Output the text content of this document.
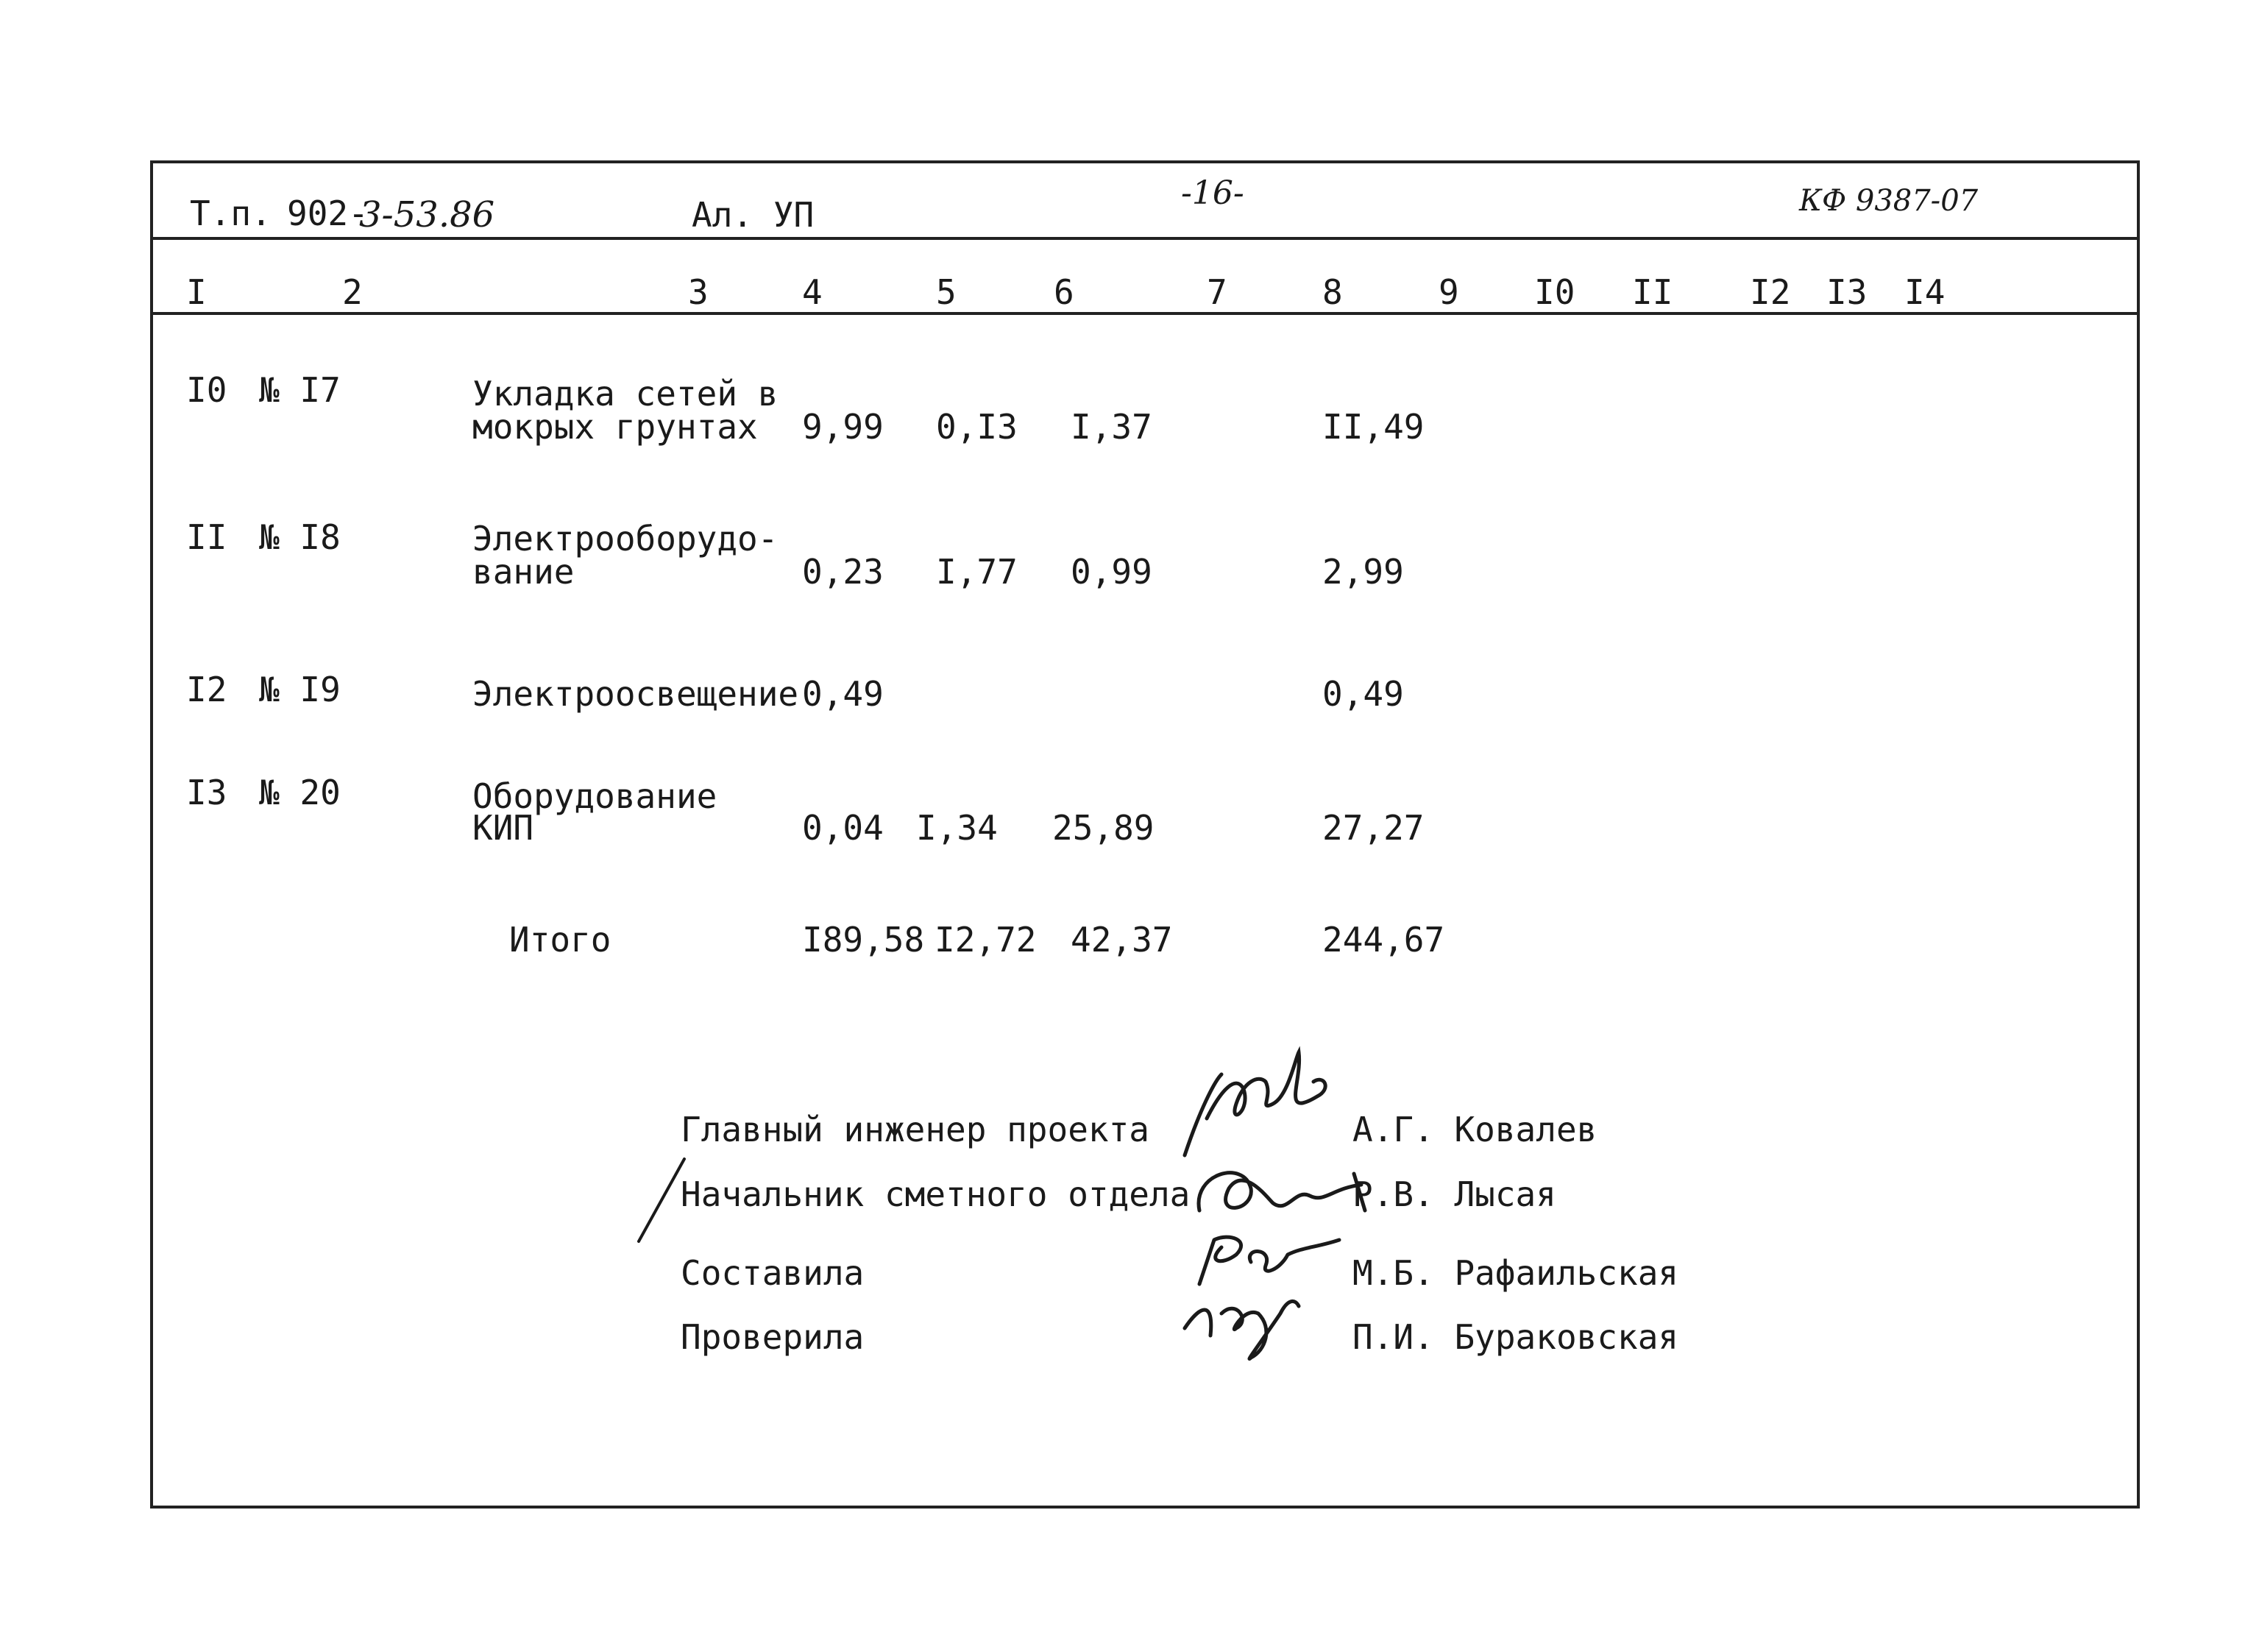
Т.п. 902-
3-53.86	Ал. УП
-16-	КФ 9387-07
I	2	3	4	5	6	7	8	9 I0 II I2 I3 I4
I0 № I7	Укладка сетей в
мокрых грунтах 9,99 0,I3 I,37	II,49
II № I8	Электрооборудо-
вание	0,23 I,77 0,99	2,99
I2 № I9	Электроосвещение 0,49	0,49
I3 № 20	Оборудование
КИП	0,04 I,34 25,89	27,27
Итого	I89,58 I2,72 42,37	244,67
Главный инженер проекта	А.Г. Ковалев
Начальник сметного отдела	Р.В. Лысая
Составила	М.Б. Рафаильская
Проверила	П.И. Бураковская
